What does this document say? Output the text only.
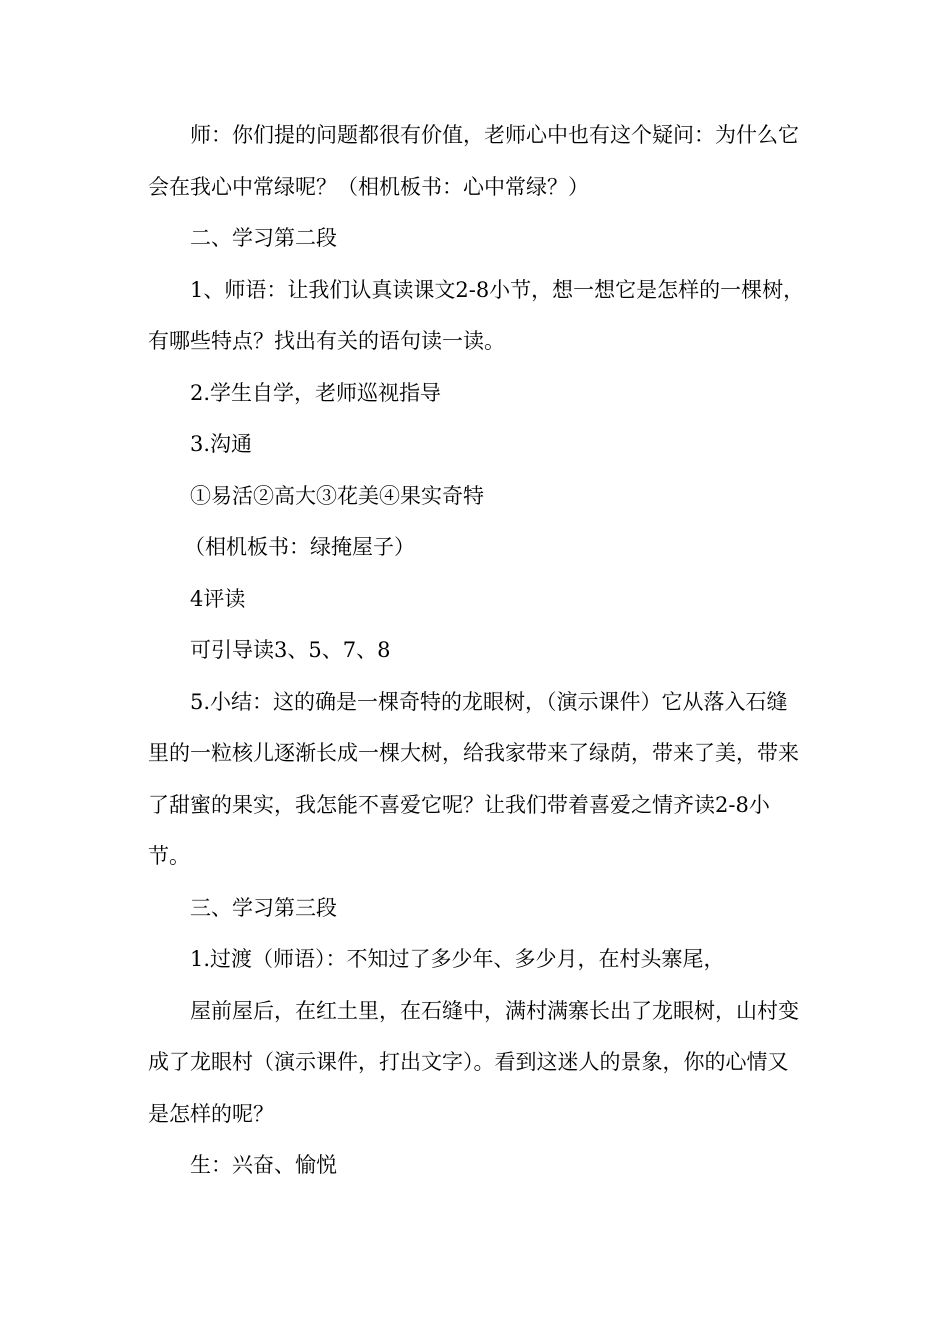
师：你们提的问题都很有价值，老师心中也有这个疑问：为什么它会在我心中常绿呢？（相机板书：心中常绿？）

二、学习第二段

1、师语：让我们认真读课文2-8小节，想一想它是怎样的一棵树，有哪些特点？找出有关的语句读一读。

2.学生自学，老师巡视指导

3.沟通

①易活②高大③花美④果实奇特

（相机板书：绿掩屋子）

4评读

可引导读3、5、7、8

5.小结：这的确是一棵奇特的龙眼树，（演示课件）它从落入石缝里的一粒核儿逐渐长成一棵大树，给我家带来了绿荫，带来了美，带来了甜蜜的果实，我怎能不喜爱它呢？让我们带着喜爱之情齐读2-8小节。

三、学习第三段

1.过渡（师语）：不知过了多少年、多少月，在村头寨尾，

屋前屋后，在红土里，在石缝中，满村满寨长出了龙眼树，山村变成了龙眼村（演示课件，打出文字）。看到这迷人的景象，你的心情又是怎样的呢？

生：兴奋、愉悦
